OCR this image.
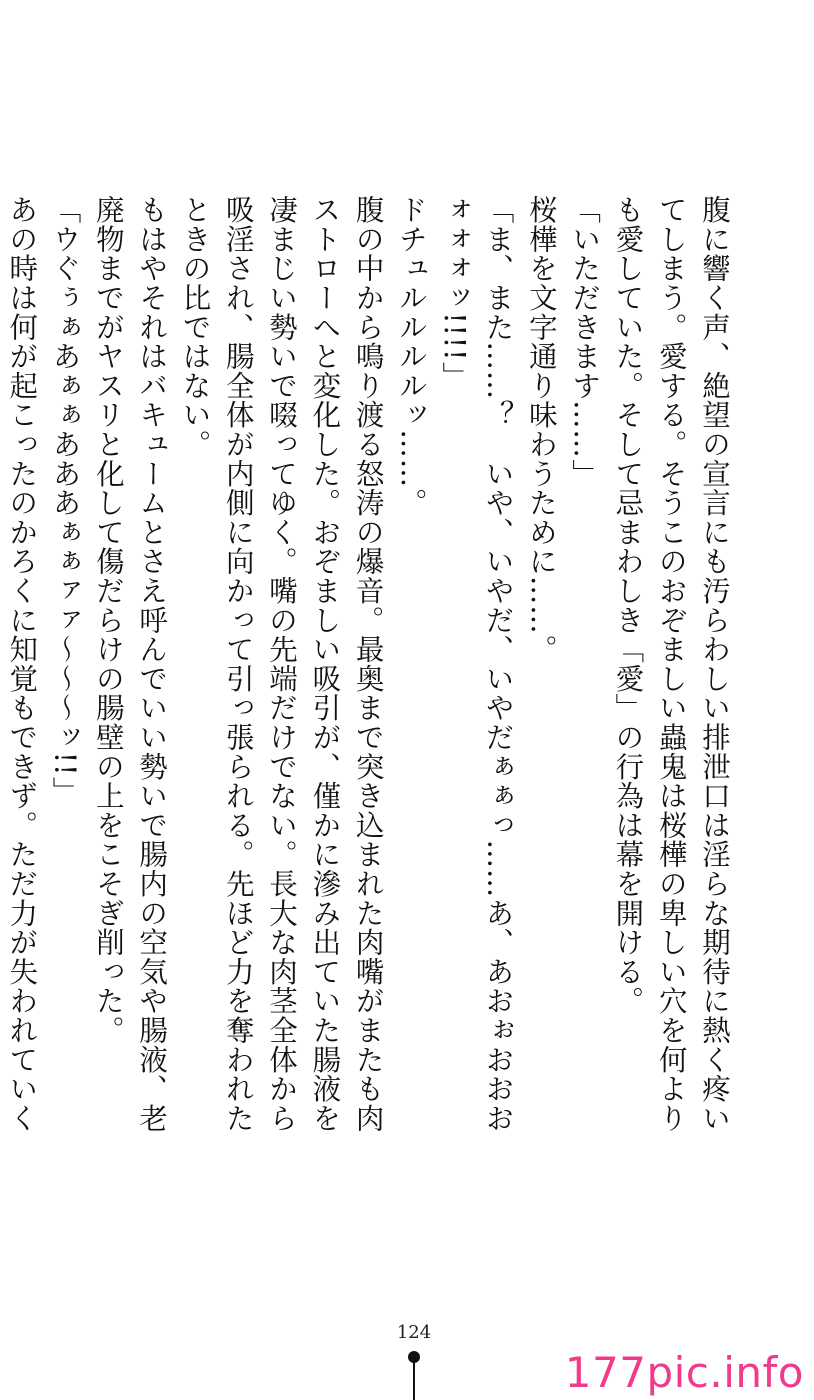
腹に響く声、絶望の宣言にも汚らわしい排泄口は淫らな期待に熱く疼いてしまう。愛する。そうこのおぞましい蟲鬼は桜樺の卑しい穴を何よりも愛していた。そして忌まわしき「愛」の行為は幕を開ける。

「いただきます……」

桜樺を文字通り味わうために……。

「ま、また……？　いや、いやだ、いやだぁぁっ……あ、あおぉおおおォォォッ!!!!」

ドチュルルルルッ……。

腹の中から鳴り渡る怒涛の爆音。最奥まで突き込まれた肉嘴がまたも肉ストローへと変化した。おぞましい吸引が、僅かに滲み出ていた腸液を凄まじい勢いで啜ってゆく。嘴の先端だけでない。長大な肉茎全体から吸淫され、腸全体が内側に向かって引っ張られる。先ほど力を奪われたときの比ではない。

もはやそれはバキュームとさえ呼んでいい勢いで腸内の空気や腸液、老廃物までがヤスリと化して傷だらけの腸壁の上をこそぎ削った。

「ウぐぅぁあぁぁあああぁぁァァ〜〜〜ッ!!」

あの時は何が起こったのかろくに知覚もできず。ただ力が失われていく

124
177pic.info
